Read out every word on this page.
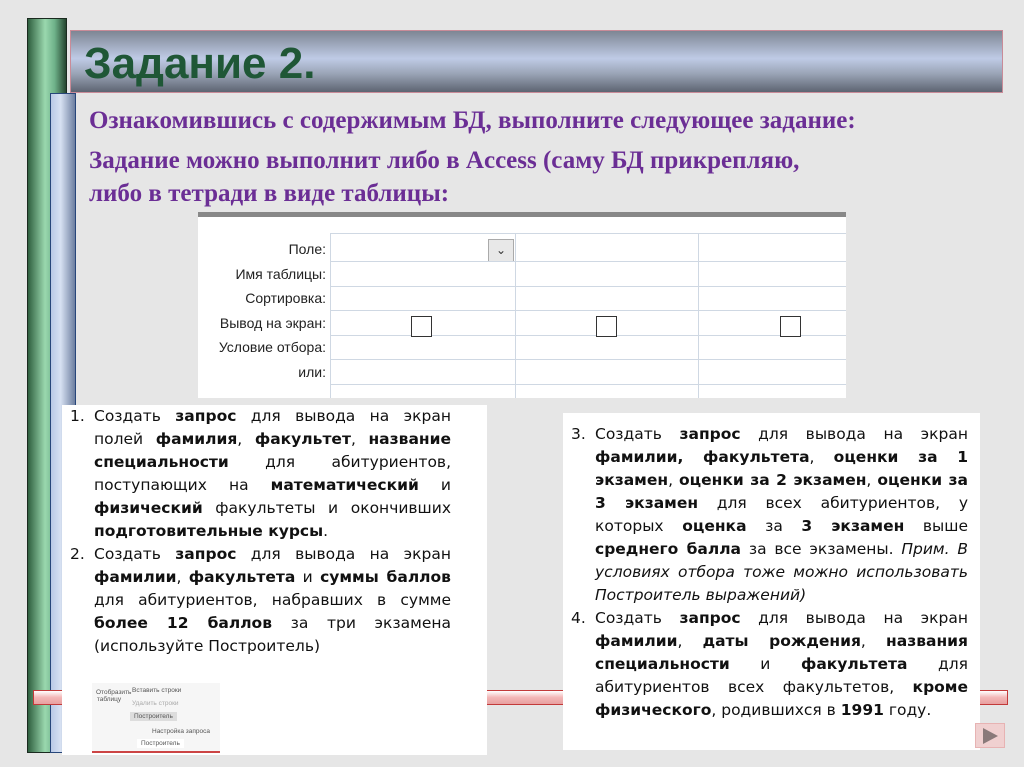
Задание 2.
Ознакомившись с содержимым БД, выполните следующее задание:
Задание можно выполнит либо в Access (саму БД прикрепляю,
либо в тетради в виде таблицы:
⌄
Поле:
Имя таблицы:
Сортировка:
Вывод на экран:
Условие отбора:
или:
1. Создать запрос для вывода на экран полей фамилия, факультет, название специальности для абитуриентов, поступающих на математический и физический факультеты и окончивших подготовительные курсы.
2. Создать запрос для вывода на экран фамилии, факультета и суммы баллов для абитуриентов, набравших в сумме более 12 баллов за три экзамена (используйте Построитель)
3. Создать запрос для вывода на экран фамилии, факультета, оценки за 1 экзамен, оценки за 2 экзамен, оценки за 3 экзамен для всех абитуриентов, у которых оценка за 3 экзамен выше среднего балла за все экзамены. Прим. В условиях отбора тоже можно использовать Построитель выражений)
4. Создать запрос для вывода на экран фамилии, даты рождения, названия специальности и факультета для абитуриентов всех факультетов, кроме физического, родившихся в 1991 году.
Отобразить таблицу
Вставить строки
Удалить строки
Построитель
Настройка запроса
Построитель
